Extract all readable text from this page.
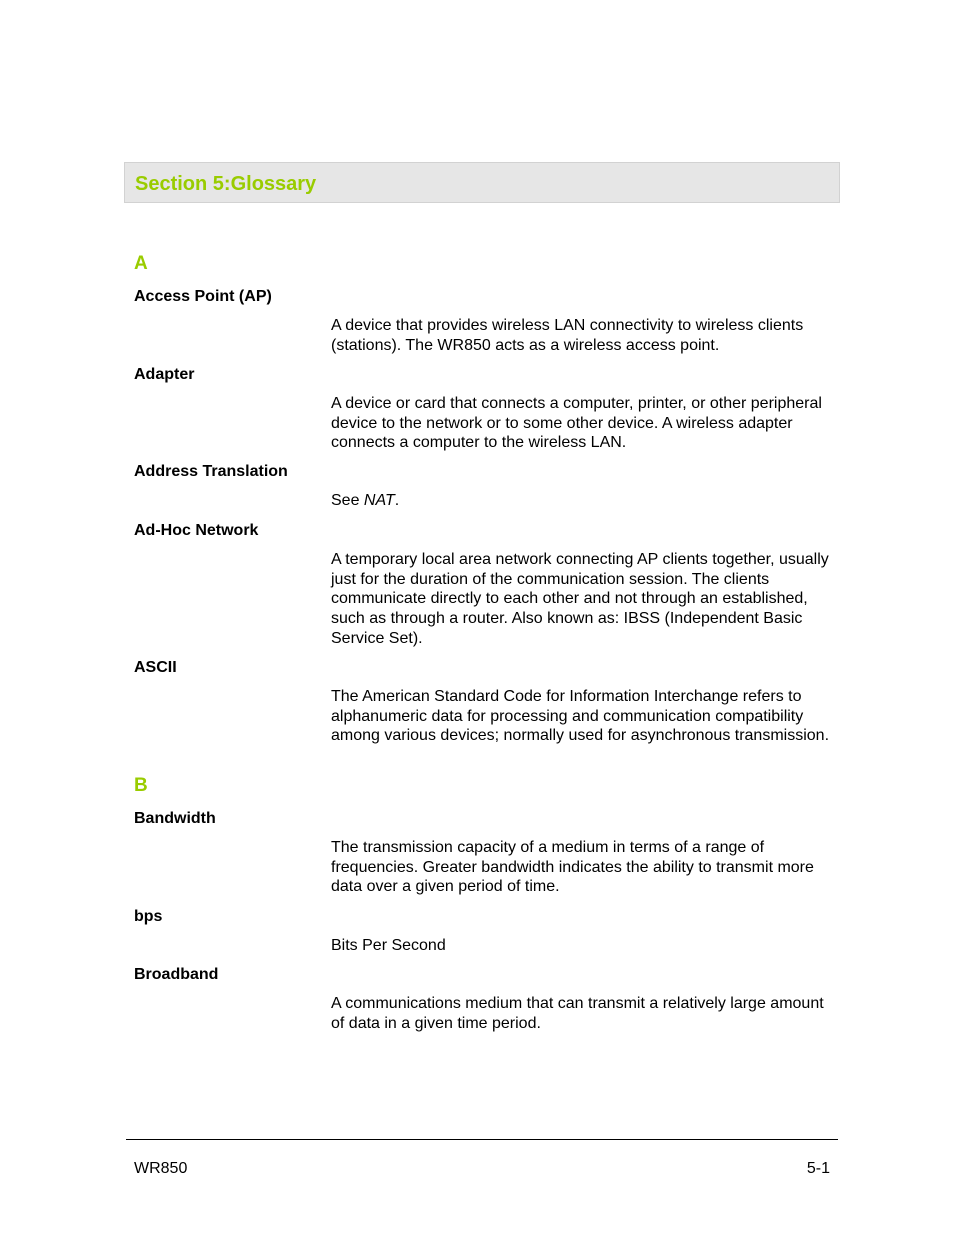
Section 5:Glossary
A
Access Point (AP)

A device that provides wireless LAN connectivity to wireless clients (stations). The WR850 acts as a wireless access point.

Adapter

A device or card that connects a computer, printer, or other peripheral device to the network or to some other device. A wireless adapter connects a computer to the wireless LAN.

Address Translation

See NAT.

Ad-Hoc Network

A temporary local area network connecting AP clients together, usually just for the duration of the communication session. The clients communicate directly to each other and not through an established, such as through a router. Also known as: IBSS (Independent Basic Service Set).

ASCII

The American Standard Code for Information Interchange refers to alphanumeric data for processing and communication compatibility among various devices; normally used for asynchronous transmission.

B
Bandwidth

The transmission capacity of a medium in terms of a range of frequencies. Greater bandwidth indicates the ability to transmit more data over a given period of time.

bps

Bits Per Second

Broadband

A communications medium that can transmit a relatively large amount of data in a given time period.

WR850	5-1
